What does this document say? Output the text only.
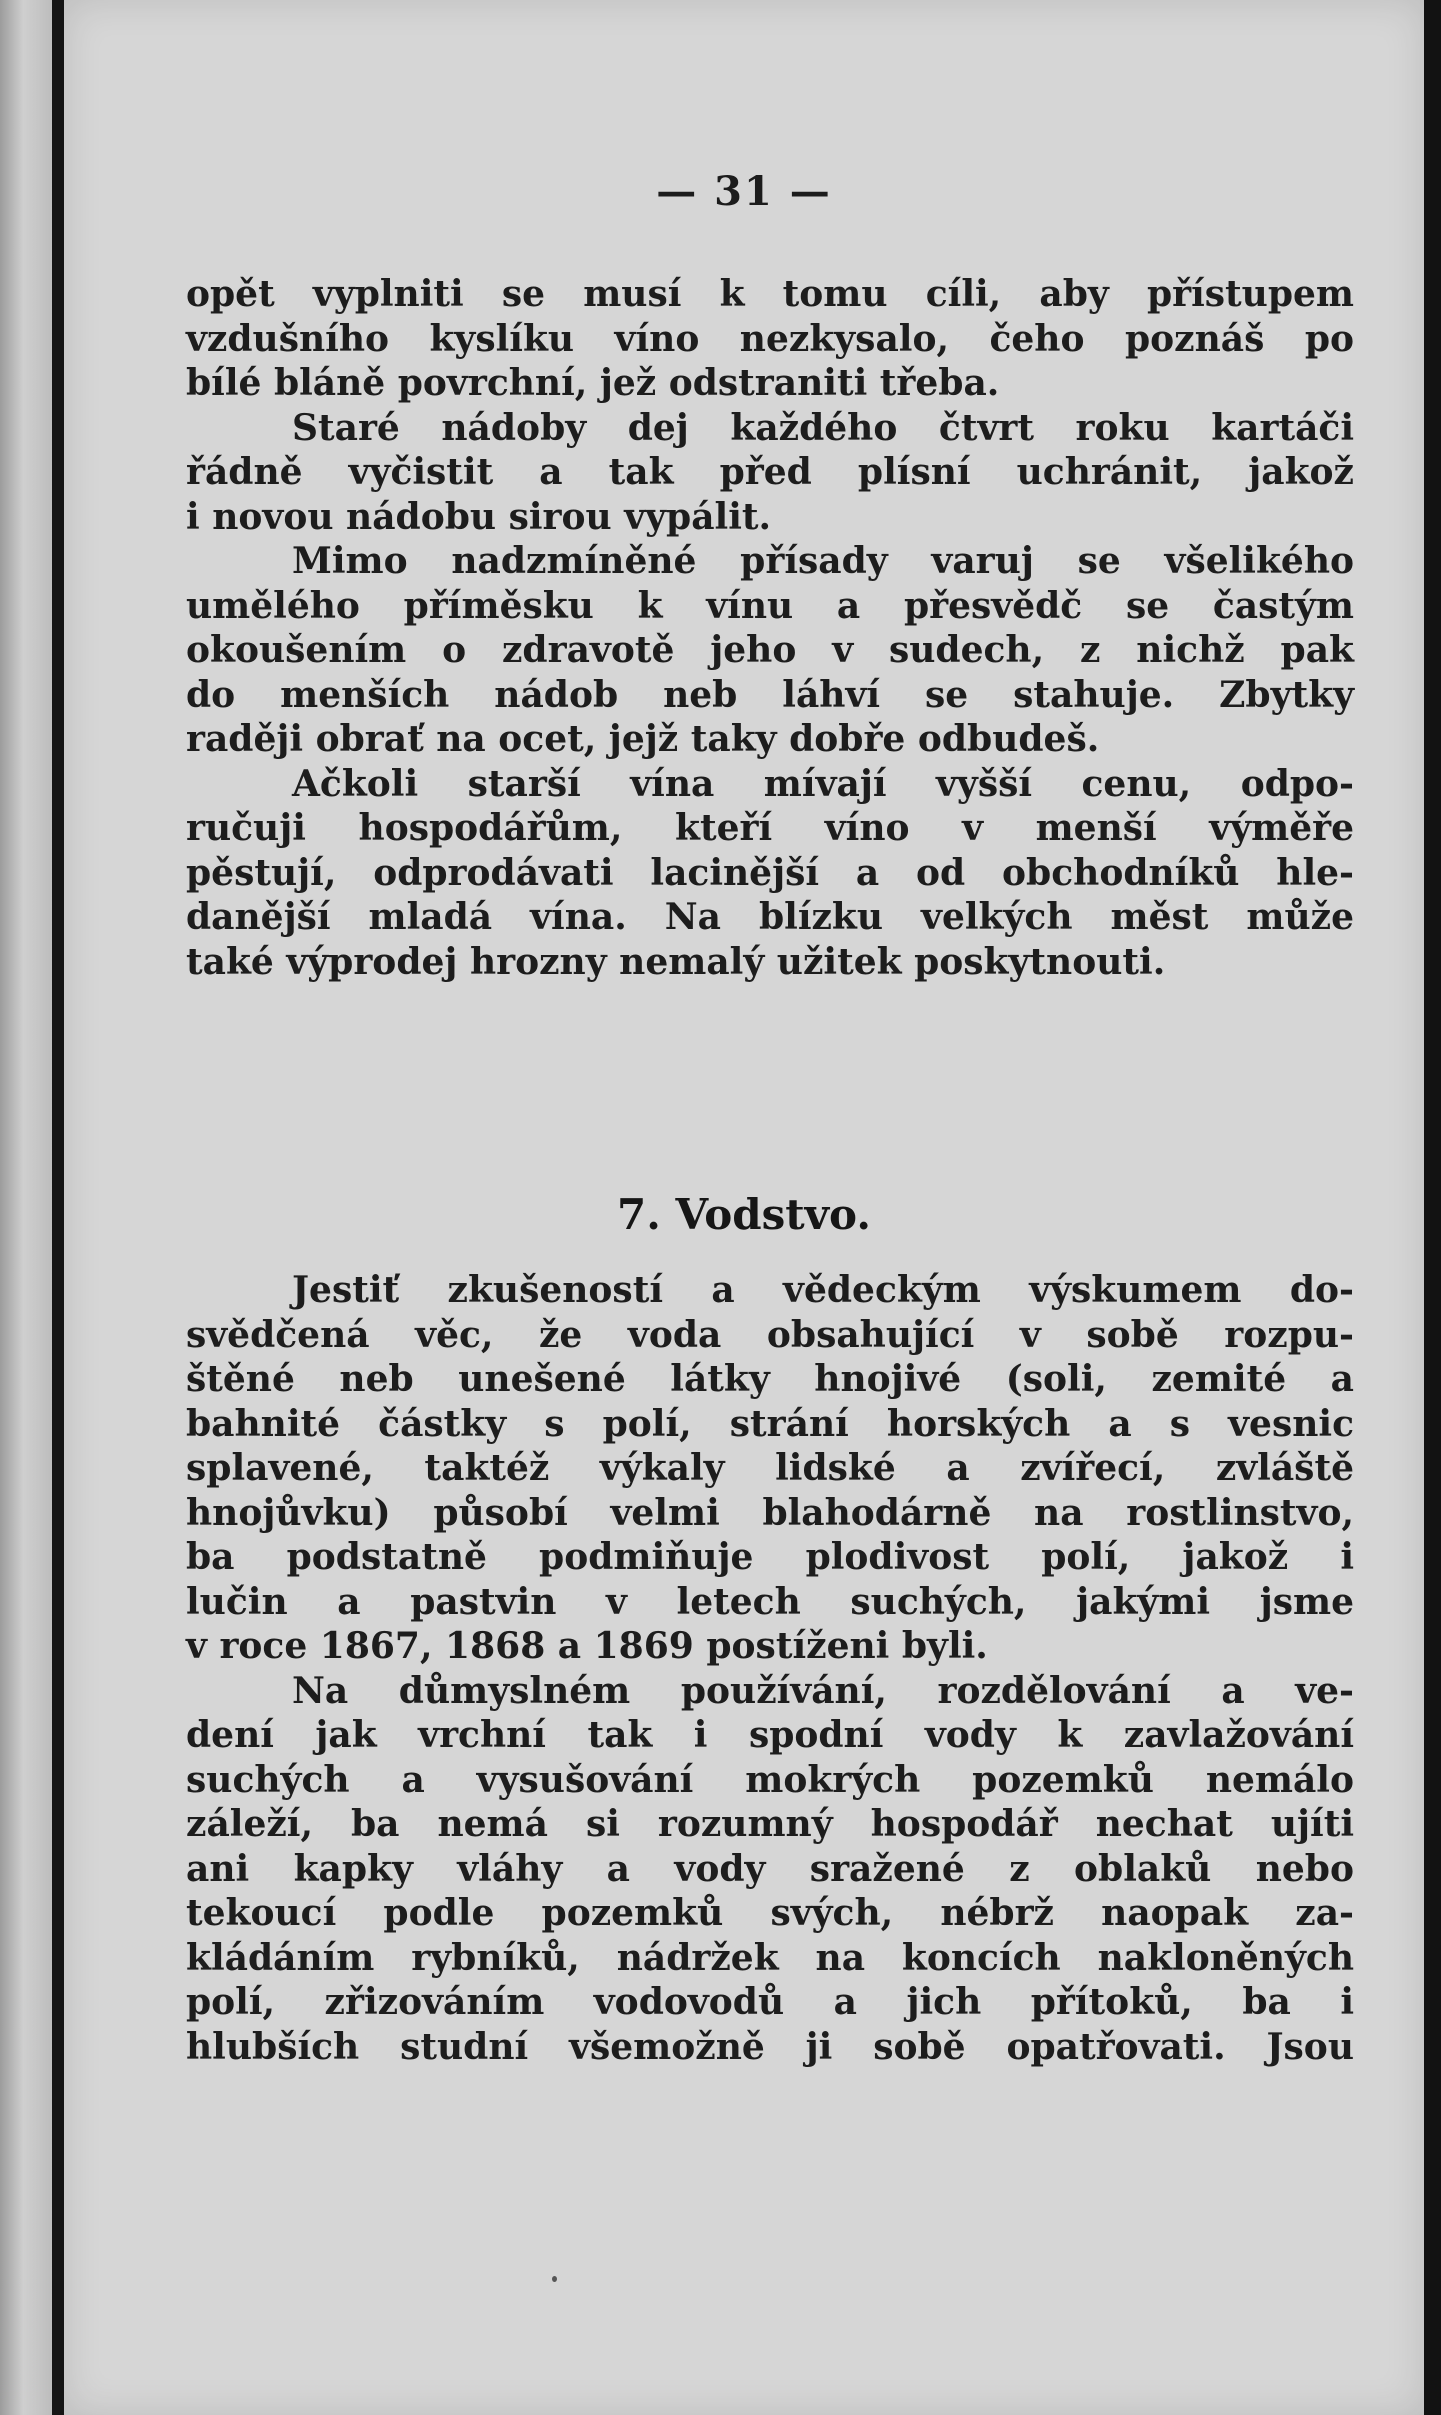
— 31 —
opět vyplniti se musí k tomu cíli, aby přístupem
vzdušního kyslíku víno nezkysalo, čeho poznáš po
bílé bláně povrchní, jež odstraniti třeba.
Staré nádoby dej každého čtvrt roku kartáči
řádně vyčistit a tak před plísní uchránit, jakož
i novou nádobu sirou vypálit.
Mimo nadzmíněné přísady varuj se všelikého
umělého příměsku k vínu a přesvědč se častým
okoušením o zdravotě jeho v sudech, z nichž pak
do menších nádob neb láhví se stahuje. Zbytky
raději obrať na ocet, jejž taky dobře odbudeš.
Ačkoli starší vína mívají vyšší cenu, odpo-
ručuji hospodářům, kteří víno v menší výměře
pěstují, odprodávati lacinější a od obchodníků hle-
danější mladá vína. Na blízku velkých měst může
také výprodej hrozny nemalý užitek poskytnouti.
7. Vodstvo.
Jestiť zkušeností a vědeckým výskumem do-
svědčená věc, že voda obsahující v sobě rozpu-
štěné neb unešené látky hnojivé (soli, zemité a
bahnité částky s polí, strání horských a s vesnic
splavené, taktéž výkaly lidské a zvířecí, zvláště
hnojůvku) působí velmi blahodárně na rostlinstvo,
ba podstatně podmiňuje plodivost polí, jakož i
lučin a pastvin v letech suchých, jakými jsme
v roce 1867, 1868 a 1869 postíženi byli.
Na důmyslném používání, rozdělování a ve-
dení jak vrchní tak i spodní vody k zavlažování
suchých a vysušování mokrých pozemků nemálo
záleží, ba nemá si rozumný hospodář nechat ujíti
ani kapky vláhy a vody sražené z oblaků nebo
tekoucí podle pozemků svých, nébrž naopak za-
kládáním rybníků, nádržek na koncích nakloněných
polí, zřizováním vodovodů a jich přítoků, ba i
hlubších studní všemožně ji sobě opatřovati. Jsou
